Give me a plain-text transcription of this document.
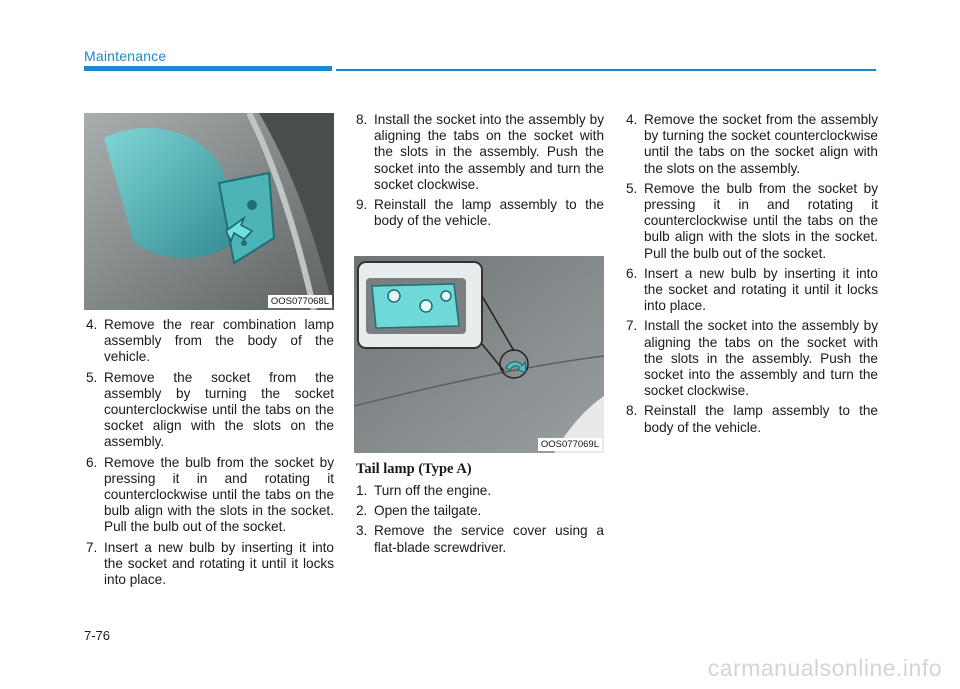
Maintenance
OOS077068L
4. Remove the rear combination lamp assembly from the body of the vehicle.
5. Remove the socket from the assembly by turning the socket counterclockwise until the tabs on the socket align with the slots on the assembly.
6. Remove the bulb from the socket by pressing it in and rotating it counterclockwise until the tabs on the bulb align with the slots in the socket. Pull the bulb out of the socket.
7. Insert a new bulb by inserting it into the socket and rotating it until it locks into place.
8. Install the socket into the assembly by aligning the tabs on the socket with the slots in the assembly. Push the socket into the assembly and turn the socket clockwise.
9. Reinstall the lamp assembly to the body of the vehicle.
OOS077069L
Tail lamp (Type A)
1. Turn off the engine.
2. Open the tailgate.
3. Remove the service cover using a flat-blade screwdriver.
4. Remove the socket from the assembly by turning the socket counterclockwise until the tabs on the socket align with the slots on the assembly.
5. Remove the bulb from the socket by pressing it in and rotating it counterclockwise until the tabs on the bulb align with the slots in the socket. Pull the bulb out of the socket.
6. Insert a new bulb by inserting it into the socket and rotating it until it locks into place.
7. Install the socket into the assembly by aligning the tabs on the socket with the slots in the assembly. Push the socket into the assembly and turn the socket clockwise.
8. Reinstall the lamp assembly to the body of the vehicle.
7-76
carmanualsonline.info
